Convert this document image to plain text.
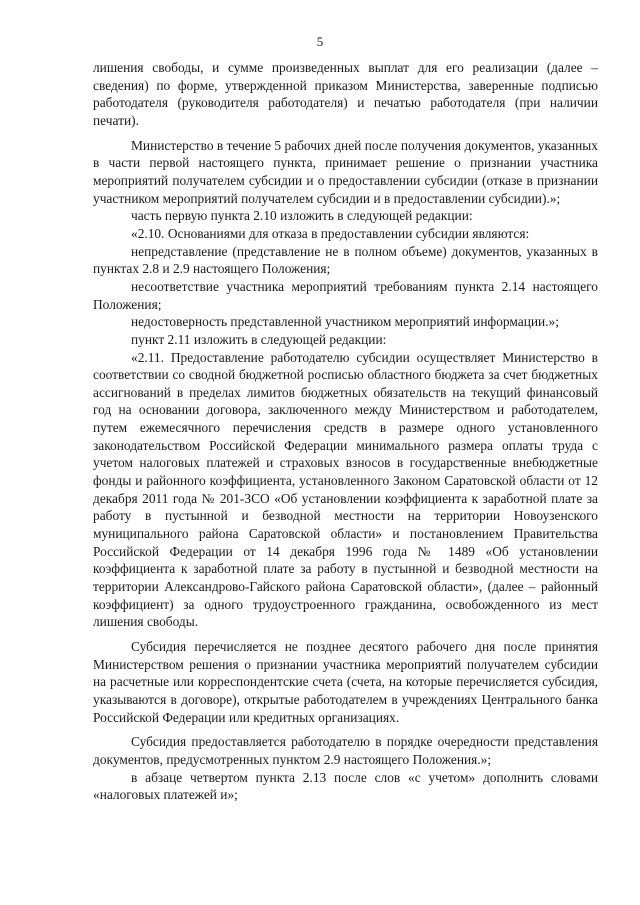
5

лишения свободы, и сумме произведенных выплат для его реализации (далее – сведения) по форме, утвержденной приказом Министерства, заверенные подписью работодателя (руководителя работодателя) и печатью работодателя (при наличии печати).

Министерство в течение 5 рабочих дней после получения документов, указанных в части первой настоящего пункта, принимает решение о признании участника мероприятий получателем субсидии и о предоставлении субсидии (отказе в признании участником мероприятий получателем субсидии и в предоставлении субсидии).»;

часть первую пункта 2.10 изложить в следующей редакции:

«2.10. Основаниями для отказа в предоставлении субсидии являются:

непредставление (представление не в полном объеме) документов, указанных в пунктах 2.8 и 2.9 настоящего Положения;

несоответствие участника мероприятий требованиям пункта 2.14 настоящего Положения;

недостоверность представленной участником мероприятий информации.»;

пункт 2.11 изложить в следующей редакции:

«2.11. Предоставление работодателю субсидии осуществляет Министерство в соответствии со сводной бюджетной росписью областного бюджета за счет бюджетных ассигнований в пределах лимитов бюджетных обязательств на текущий финансовый год на основании договора, заключенного между Министерством и работодателем, путем ежемесячного перечисления средств в размере одного установленного законодательством Российской Федерации минимального размера оплаты труда с учетом налоговых платежей и страховых взносов в государственные внебюджетные фонды и районного коэффициента, установленного Законом Саратовской области от 12 декабря 2011 года № 201-ЗСО «Об установлении коэффициента к заработной плате за работу в пустынной и безводной местности на территории Новоузенского муниципального района Саратовской области» и постановлением Правительства Российской Федерации от 14 декабря 1996 года № 1489 «Об установлении коэффициента к заработной плате за работу в пустынной и безводной местности на территории Александрово-Гайского района Саратовской области», (далее – районный коэффициент) за одного трудоустроенного гражданина, освобожденного из мест лишения свободы.

Субсидия перечисляется не позднее десятого рабочего дня после принятия Министерством решения о признании участника мероприятий получателем субсидии на расчетные или корреспондентские счета (счета, на которые перечисляется субсидия, указываются в договоре), открытые работодателем в учреждениях Центрального банка Российской Федерации или кредитных организациях.

Субсидия предоставляется работодателю в порядке очередности представления документов, предусмотренных пунктом 2.9 настоящего Положения.»;

в абзаце четвертом пункта 2.13 после слов «с учетом» дополнить словами «налоговых платежей и»;
